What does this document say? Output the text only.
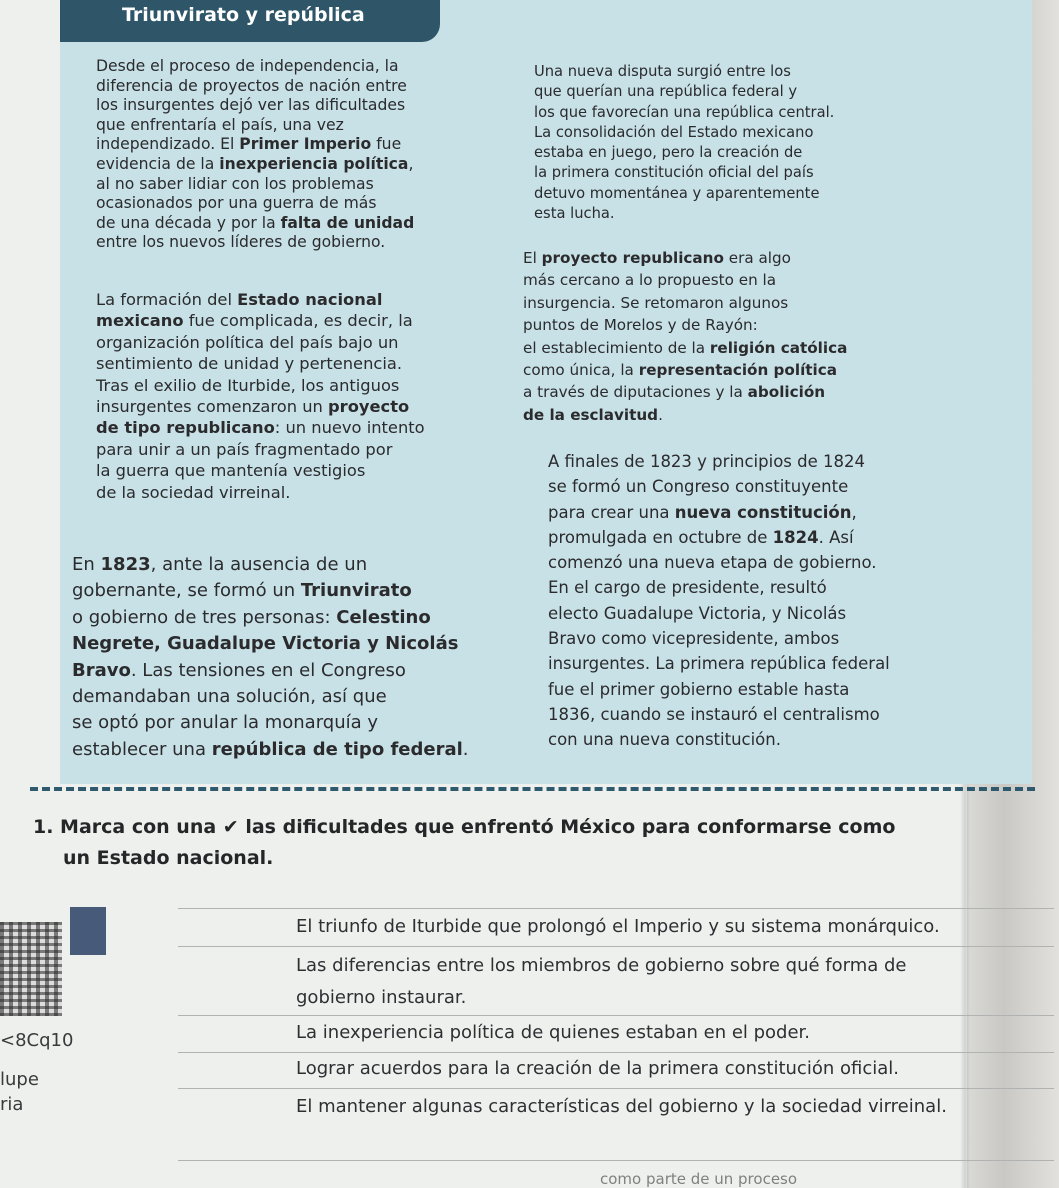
Triunvirato y república
Desde el proceso de independencia, la
diferencia de proyectos de nación entre
los insurgentes dejó ver las dificultades
que enfrentaría el país, una vez
independizado. El Primer Imperio fue
evidencia de la inexperiencia política,
al no saber lidiar con los problemas
ocasionados por una guerra de más
de una década y por la falta de unidad
entre los nuevos líderes de gobierno.
La formación del Estado nacional
mexicano fue complicada, es decir, la
organización política del país bajo un
sentimiento de unidad y pertenencia.
Tras el exilio de Iturbide, los antiguos
insurgentes comenzaron un proyecto
de tipo republicano: un nuevo intento
para unir a un país fragmentado por
la guerra que mantenía vestigios
de la sociedad virreinal.
En 1823, ante la ausencia de un
gobernante, se formó un Triunvirato
o gobierno de tres personas: Celestino
Negrete, Guadalupe Victoria y Nicolás
Bravo. Las tensiones en el Congreso
demandaban una solución, así que
se optó por anular la monarquía y
establecer una república de tipo federal.
Una nueva disputa surgió entre los
que querían una república federal y
los que favorecían una república central.
La consolidación del Estado mexicano
estaba en juego, pero la creación de
la primera constitución oficial del país
detuvo momentánea y aparentemente
esta lucha.
El proyecto republicano era algo
más cercano a lo propuesto en la
insurgencia. Se retomaron algunos
puntos de Morelos y de Rayón:
el establecimiento de la religión católica
como única, la representación política
a través de diputaciones y la abolición
de la esclavitud.
A finales de 1823 y principios de 1824
se formó un Congreso constituyente
para crear una nueva constitución,
promulgada en octubre de 1824. Así
comenzó una nueva etapa de gobierno.
En el cargo de presidente, resultó
electo Guadalupe Victoria, y Nicolás
Bravo como vicepresidente, ambos
insurgentes. La primera república federal
fue el primer gobierno estable hasta
1836, cuando se instauró el centralismo
con una nueva constitución.
1. Marca con una ✔ las dificultades que enfrentó México para conformarse como
un Estado nacional.
<8Cq10
lupe
ria
El triunfo de Iturbide que prolongó el Imperio y su sistema monárquico.
Las diferencias entre los miembros de gobierno sobre qué forma de
gobierno instaurar.
La inexperiencia política de quienes estaban en el poder.
Lograr acuerdos para la creación de la primera constitución oficial.
El mantener algunas características del gobierno y la sociedad virreinal.
como parte de un proceso
